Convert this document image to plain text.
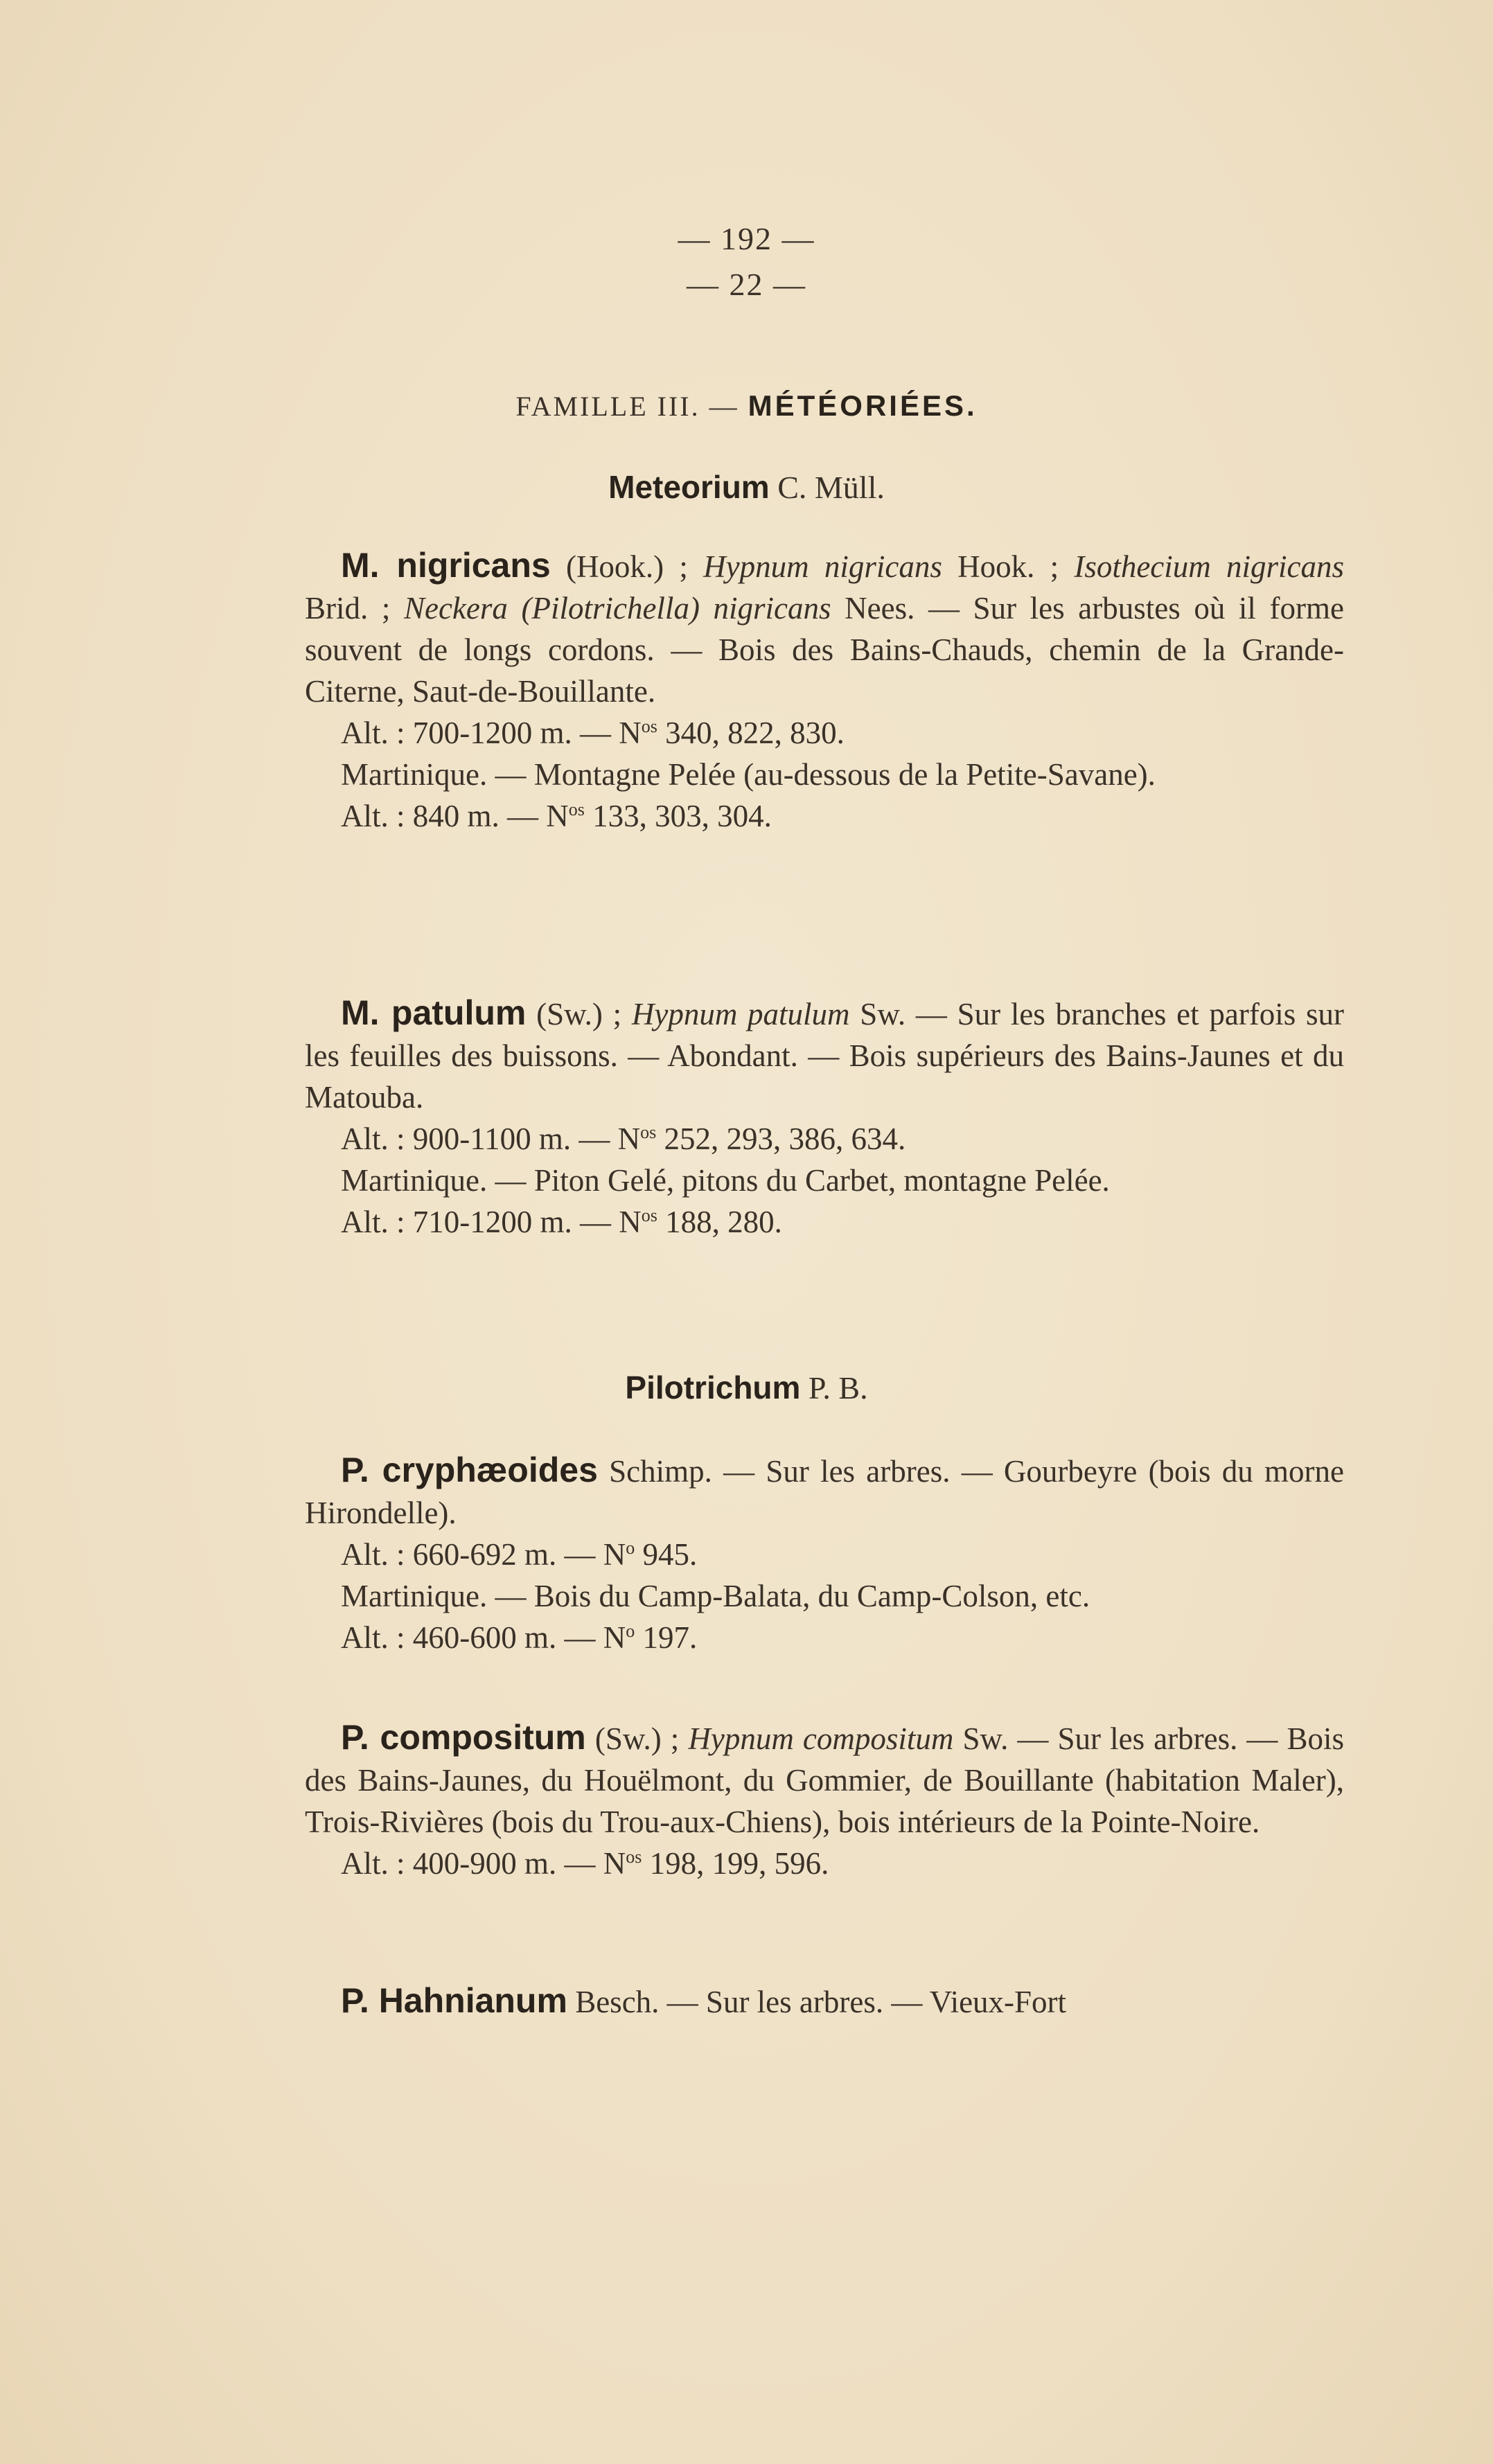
— 192 —
— 22 —
FAMILLE III. — MÉTÉORIÉES.
Meteorium C. Müll.

M. nigricans (Hook.) ; Hypnum nigricans Hook. ; Isothecium nigricans Brid. ; Neckera (Pilotrichella) nigricans Nees. — Sur les arbustes où il forme souvent de longs cordons. — Bois des Bains-Chauds, chemin de la Grande-Citerne, Saut-de-Bouillante.

Alt. : 700-1200 m. — $N^{os}$ 340, 822, 830.

Martinique. — Montagne Pelée (au-dessous de la Petite-Savane).

Alt. : 840 m. — $N^{os}$ 133, 303, 304.

M. patulum (Sw.) ; Hypnum patulum Sw. — Sur les branches et parfois sur les feuilles des buissons. — Abondant. — Bois supérieurs des Bains-Jaunes et du Matouba.

Alt. : 900-1100 m. — $N^{os}$ 252, 293, 386, 634.

Martinique. — Piton Gelé, pitons du Carbet, montagne Pelée.

Alt. : 710-1200 m. — $N^{os}$ 188, 280.

Pilotrichum P. B.

P. cryphæoides Schimp. — Sur les arbres. — Gourbeyre (bois du morne Hirondelle).

Alt. : 660-692 m. — $N^o$ 945.

Martinique. — Bois du Camp-Balata, du Camp-Colson, etc.

Alt. : 460-600 m. — $N^o$ 197.

P. compositum (Sw.) ; Hypnum compositum Sw. — Sur les arbres. — Bois des Bains-Jaunes, du Houëlmont, du Gommier, de Bouillante (habitation Maler), Trois-Rivières (bois du Trou-aux-Chiens), bois intérieurs de la Pointe-Noire.

Alt. : 400-900 m. — $N^{os}$ 198, 199, 596.

P. Hahnianum Besch. — Sur les arbres. — Vieux-Fort
